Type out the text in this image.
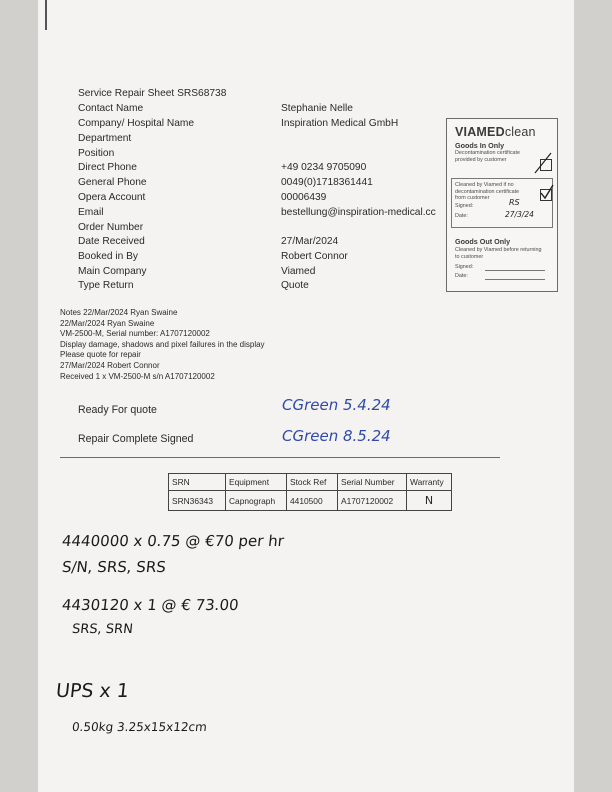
Service Repair Sheet SRS68738
Contact Name	Stephanie Nelle
Company/ Hospital Name	Inspiration Medical GmbH
Department
Position
Direct Phone	+49 0234 9705090
General Phone	0049(0)1718361441
Opera Account	00006439
Email	bestellung@inspiration-medical.cc
Order Number
Date Received	27/Mar/2024
Booked in By	Robert Connor
Main Company	Viamed
Type Return	Quote
VIAMEDclean
Goods In Only
Decontamination certificate provided by customer
Cleaned by Viamed if no decontamination certificate from customer
Signed:	RS
Date:	27/3/24
Goods Out Only
Cleaned by Viamed before returning to customer
Signed:
Date:
Notes 22/Mar/2024 Ryan Swaine
22/Mar/2024 Ryan Swaine
VM-2500-M, Serial number: A1707120002
Display damage, shadows and pixel failures in the display
Please quote for repair
27/Mar/2024 Robert Connor
Received 1 x VM-2500-M s/n A1707120002
Ready For quote	CGreen 5.4.24
Repair Complete Signed	CGreen 8.5.24
SRN	Equipment	Stock Ref	Serial Number	Warranty
SRN36343	Capnograph	4410500	A1707120002	N
4440000 x 0.75 @ €70 per hr
S/N, SRS, SRS
4430120 x 1 @ € 73.00
SRS, SRN
UPS x 1
0.50kg 3.25x15x12cm
